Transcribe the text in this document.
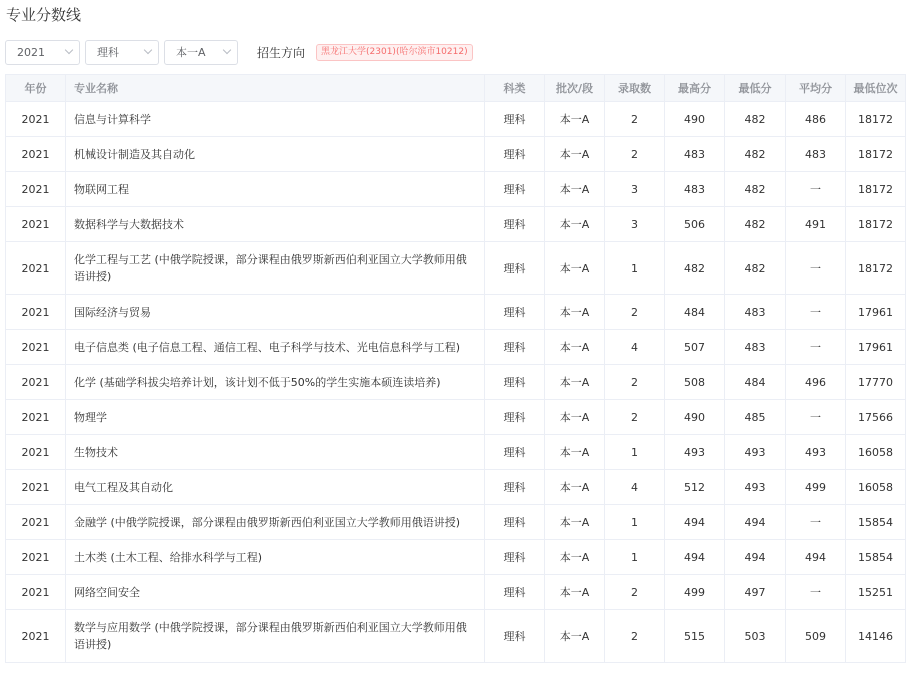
专业分数线
2021	理科	本一A	招生方向	黑龙江大学(2301)(哈尔滨市10212)
年份	专业名称	科类	批次/段	录取数	最高分	最低分	平均分	最低位次
2021	信息与计算科学	理科	本一A	2	490	482	486	18172
2021	机械设计制造及其自动化	理科	本一A	2	483	482	483	18172
2021	物联网工程	理科	本一A	3	483	482	一	18172
2021	数据科学与大数据技术	理科	本一A	3	506	482	491	18172
2021	化学工程与工艺 (中俄学院授课，部分课程由俄罗斯新西伯利亚国立大学教师用俄语讲授)	理科	本一A	1	482	482	一	18172
2021	国际经济与贸易	理科	本一A	2	484	483	一	17961
2021	电子信息类 (电子信息工程、通信工程、电子科学与技术、光电信息科学与工程)	理科	本一A	4	507	483	一	17961
2021	化学 (基础学科拔尖培养计划，该计划不低于50%的学生实施本硕连读培养)	理科	本一A	2	508	484	496	17770
2021	物理学	理科	本一A	2	490	485	一	17566
2021	生物技术	理科	本一A	1	493	493	493	16058
2021	电气工程及其自动化	理科	本一A	4	512	493	499	16058
2021	金融学 (中俄学院授课，部分课程由俄罗斯新西伯利亚国立大学教师用俄语讲授)	理科	本一A	1	494	494	一	15854
2021	土木类 (土木工程、给排水科学与工程)	理科	本一A	1	494	494	494	15854
2021	网络空间安全	理科	本一A	2	499	497	一	15251
2021	数学与应用数学 (中俄学院授课，部分课程由俄罗斯新西伯利亚国立大学教师用俄语讲授)	理科	本一A	2	515	503	509	14146
